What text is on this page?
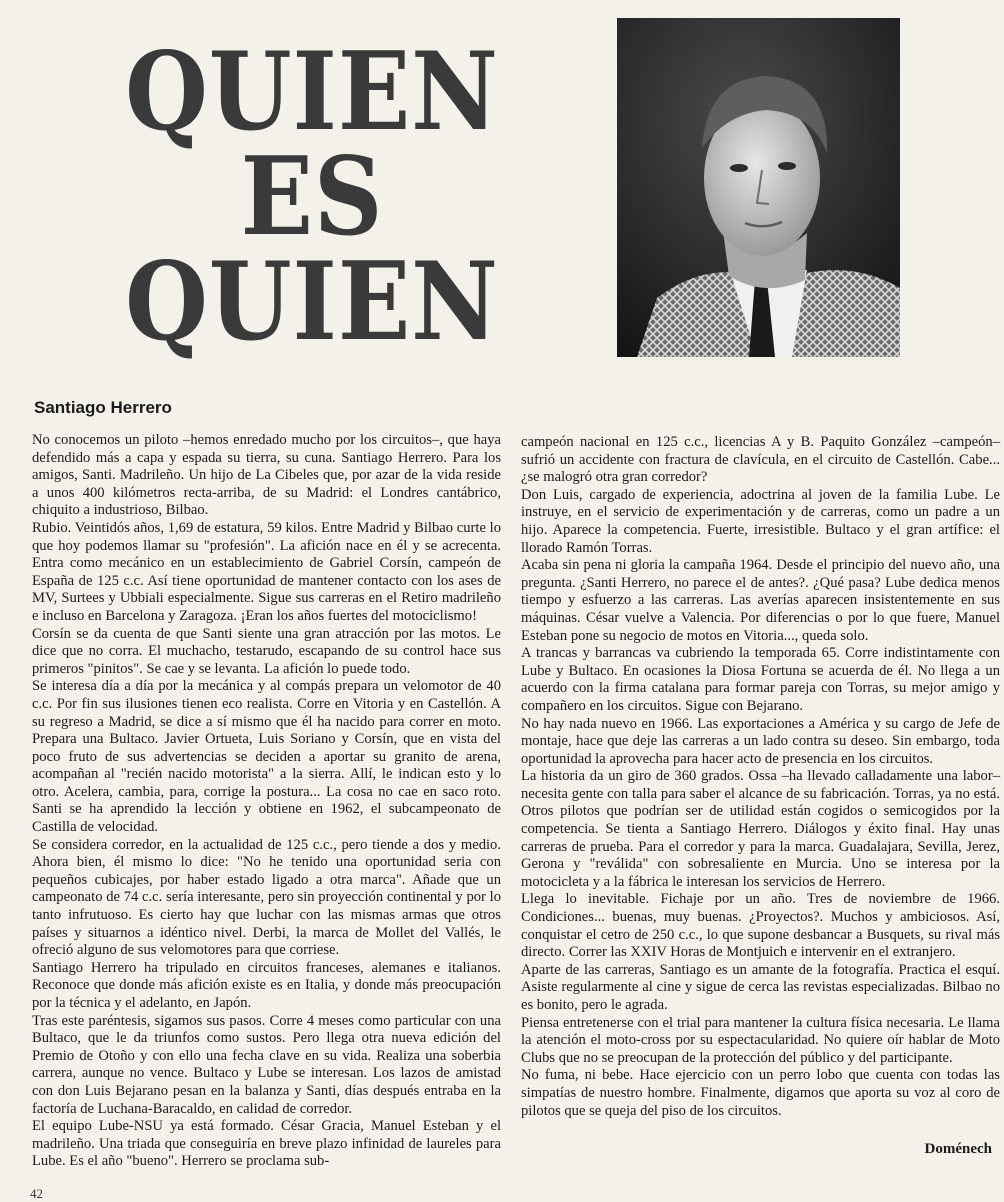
QUIEN
ES
QUIEN
Santiago Herrero

No conocemos un piloto –hemos enredado mucho por los circuitos–, que haya defendido más a capa y espada su tierra, su cuna. Santiago Herrero. Para los amigos, Santi. Madrileño. Un hijo de La Cibeles que, por azar de la vida reside a unos 400 kilómetros recta-arriba, de su Madrid: el Londres cantábrico, chiquito a industrioso, Bilbao.

Rubio. Veintidós años, 1,69 de estatura, 59 kilos. Entre Madrid y Bilbao curte lo que hoy podemos llamar su "profesión". La afición nace en él y se acrecenta. Entra como mecánico en un establecimiento de Gabriel Corsín, campeón de España de 125 c.c. Así tiene oportunidad de mantener contacto con los ases de MV, Surtees y Ubbiali especialmente. Sigue sus carreras en el Retiro madrileño e incluso en Barcelona y Zaragoza. ¡Eran los años fuertes del motociclismo!

Corsín se da cuenta de que Santi siente una gran atracción por las motos. Le dice que no corra. El muchacho, testarudo, escapando de su control hace sus primeros "pinitos". Se cae y se levanta. La afición lo puede todo.

Se interesa día a día por la mecánica y al compás prepara un velomotor de 40 c.c. Por fin sus ilusiones tienen eco realista. Corre en Vitoria y en Castellón. A su regreso a Madrid, se dice a sí mismo que él ha nacido para correr en moto. Prepara una Bultaco. Javier Ortueta, Luis Soriano y Corsín, que en vista del poco fruto de sus advertencias se deciden a aportar su granito de arena, acompañan al "recién nacido motorista" a la sierra. Allí, le indican esto y lo otro. Acelera, cambia, para, corrige la postura... La cosa no cae en saco roto. Santi se ha aprendido la lección y obtiene en 1962, el subcampeonato de Castilla de velocidad.

Se considera corredor, en la actualidad de 125 c.c., pero tiende a dos y medio. Ahora bien, él mismo lo dice: "No he tenido una oportunidad seria con pequeños cubicajes, por haber estado ligado a otra marca". Añade que un campeonato de 74 c.c. sería interesante, pero sin proyección continental y por lo tanto infrutuoso. Es cierto hay que luchar con las mismas armas que otros países y situarnos a idéntico nivel. Derbi, la marca de Mollet del Vallés, le ofreció alguno de sus velomotores para que corriese.

Santiago Herrero ha tripulado en circuitos franceses, alemanes e italianos. Reconoce que donde más afición existe es en Italia, y donde más preocupación por la técnica y el adelanto, en Japón.

Tras este paréntesis, sigamos sus pasos. Corre 4 meses como particular con una Bultaco, que le da triunfos como sustos. Pero llega otra nueva edición del Premio de Otoño y con ello una fecha clave en su vida. Realiza una soberbia carrera, aunque no vence. Bultaco y Lube se interesan. Los lazos de amistad con don Luis Bejarano pesan en la balanza y Santi, días después entraba en la factoría de Luchana-Baracaldo, en calidad de corredor.

El equipo Lube-NSU ya está formado. César Gracia, Manuel Esteban y el madrileño. Una triada que conseguiría en breve plazo infinidad de laureles para Lube. Es el año "bueno". Herrero se proclama sub-

campeón nacional en 125 c.c., licencias A y B. Paquito González –campeón– sufrió un accidente con fractura de clavícula, en el circuito de Castellón. Cabe... ¿se malogró otra gran corredor?

Don Luis, cargado de experiencia, adoctrina al joven de la familia Lube. Le instruye, en el servicio de experimentación y de carreras, como un padre a un hijo. Aparece la competencia. Fuerte, irresistible. Bultaco y el gran artífice: el llorado Ramón Torras.

Acaba sin pena ni gloria la campaña 1964. Desde el principio del nuevo año, una pregunta. ¿Santi Herrero, no parece el de antes?. ¿Qué pasa? Lube dedica menos tiempo y esfuerzo a las carreras. Las averías aparecen insistentemente en sus máquinas. César vuelve a Valencia. Por diferencias o por lo que fuere, Manuel Esteban pone su negocio de motos en Vitoria..., queda solo.

A trancas y barrancas va cubriendo la temporada 65. Corre indistintamente con Lube y Bultaco. En ocasiones la Diosa Fortuna se acuerda de él. No llega a un acuerdo con la firma catalana para formar pareja con Torras, su mejor amigo y compañero en los circuitos. Sigue con Bejarano.

No hay nada nuevo en 1966. Las exportaciones a América y su cargo de Jefe de montaje, hace que deje las carreras a un lado contra su deseo. Sin embargo, toda oportunidad la aprovecha para hacer acto de presencia en los circuitos.

La historia da un giro de 360 grados. Ossa –ha llevado calladamente una labor– necesita gente con talla para saber el alcance de su fabricación. Torras, ya no está. Otros pilotos que podrían ser de utilidad están cogidos o semicogidos por la competencia. Se tienta a Santiago Herrero. Diálogos y éxito final. Hay unas carreras de prueba. Para el corredor y para la marca. Guadalajara, Sevilla, Jerez, Gerona y "reválida" con sobresaliente en Murcia. Uno se interesa por la motocicleta y a la fábrica le interesan los servicios de Herrero.

Llega lo inevitable. Fichaje por un año. Tres de noviembre de 1966. Condiciones... buenas, muy buenas. ¿Proyectos?. Muchos y ambiciosos. Así, conquistar el cetro de 250 c.c., lo que supone desbancar a Busquets, su rival más directo. Correr las XXIV Horas de Montjuich e intervenir en el extranjero.

Aparte de las carreras, Santiago es un amante de la fotografía. Practica el esquí. Asiste regularmente al cine y sigue de cerca las revistas especializadas. Bilbao no es bonito, pero le agrada.

Piensa entretenerse con el trial para mantener la cultura física necesaria. Le llama la atención el moto-cross por su espectacularidad. No quiere oír hablar de Moto Clubs que no se preocupan de la protección del público y del participante.

No fuma, ni bebe. Hace ejercicio con un perro lobo que cuenta con todas las simpatías de nuestro hombre. Finalmente, digamos que aporta su voz al coro de pilotos que se queja del piso de los circuitos.

Doménech
42
